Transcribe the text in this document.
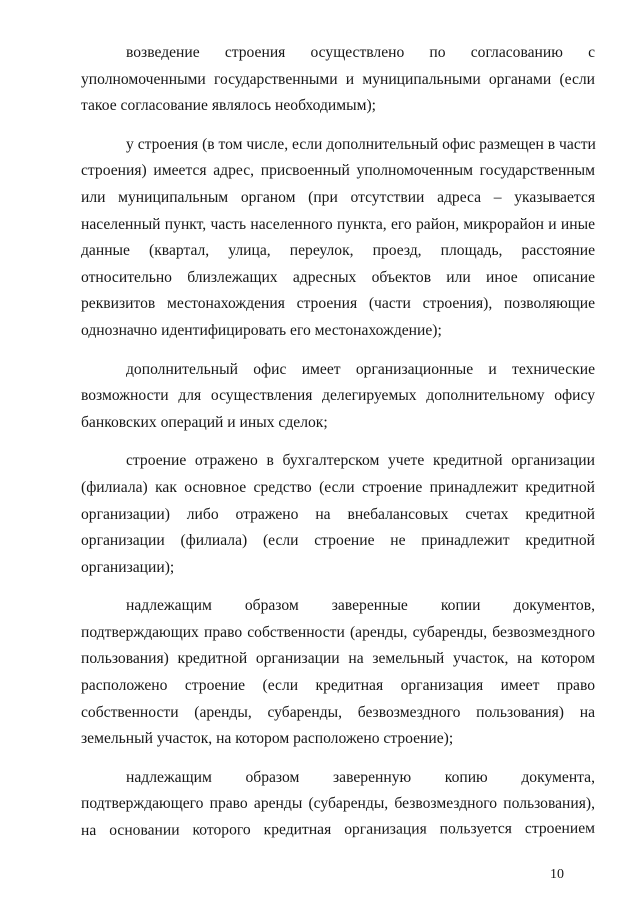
возведение строения осуществлено по согласованию с
уполномоченными государственными и муниципальными органами (если
такое согласование являлось необходимым);

у строения (в том числе, если дополнительный офис размещен в части
строения) имеется адрес, присвоенный уполномоченным государственным
или муниципальным органом (при отсутствии адреса – указывается
населенный пункт, часть населенного пункта, его район, микрорайон и иные
данные (квартал, улица, переулок, проезд, площадь, расстояние
относительно близлежащих адресных объектов или иное описание
реквизитов местонахождения строения (части строения), позволяющие
однозначно идентифицировать его местонахождение);

дополнительный офис имеет организационные и технические
возможности для осуществления делегируемых дополнительному офису
банковских операций и иных сделок;

строение отражено в бухгалтерском учете кредитной организации
(филиала) как основное средство (если строение принадлежит кредитной
организации) либо отражено на внебалансовых счетах кредитной
организации (филиала) (если строение не принадлежит кредитной
организации);

надлежащим образом заверенные копии документов,
подтверждающих право собственности (аренды, субаренды, безвозмездного
пользования) кредитной организации на земельный участок, на котором
расположено строение (если кредитная организация имеет право
собственности (аренды, субаренды, безвозмездного пользования) на
земельный участок, на котором расположено строение);

надлежащим образом заверенную копию документа,
подтверждающего право аренды (субаренды, безвозмездного пользования),
на основании которого кредитная организация пользуется строением

10
